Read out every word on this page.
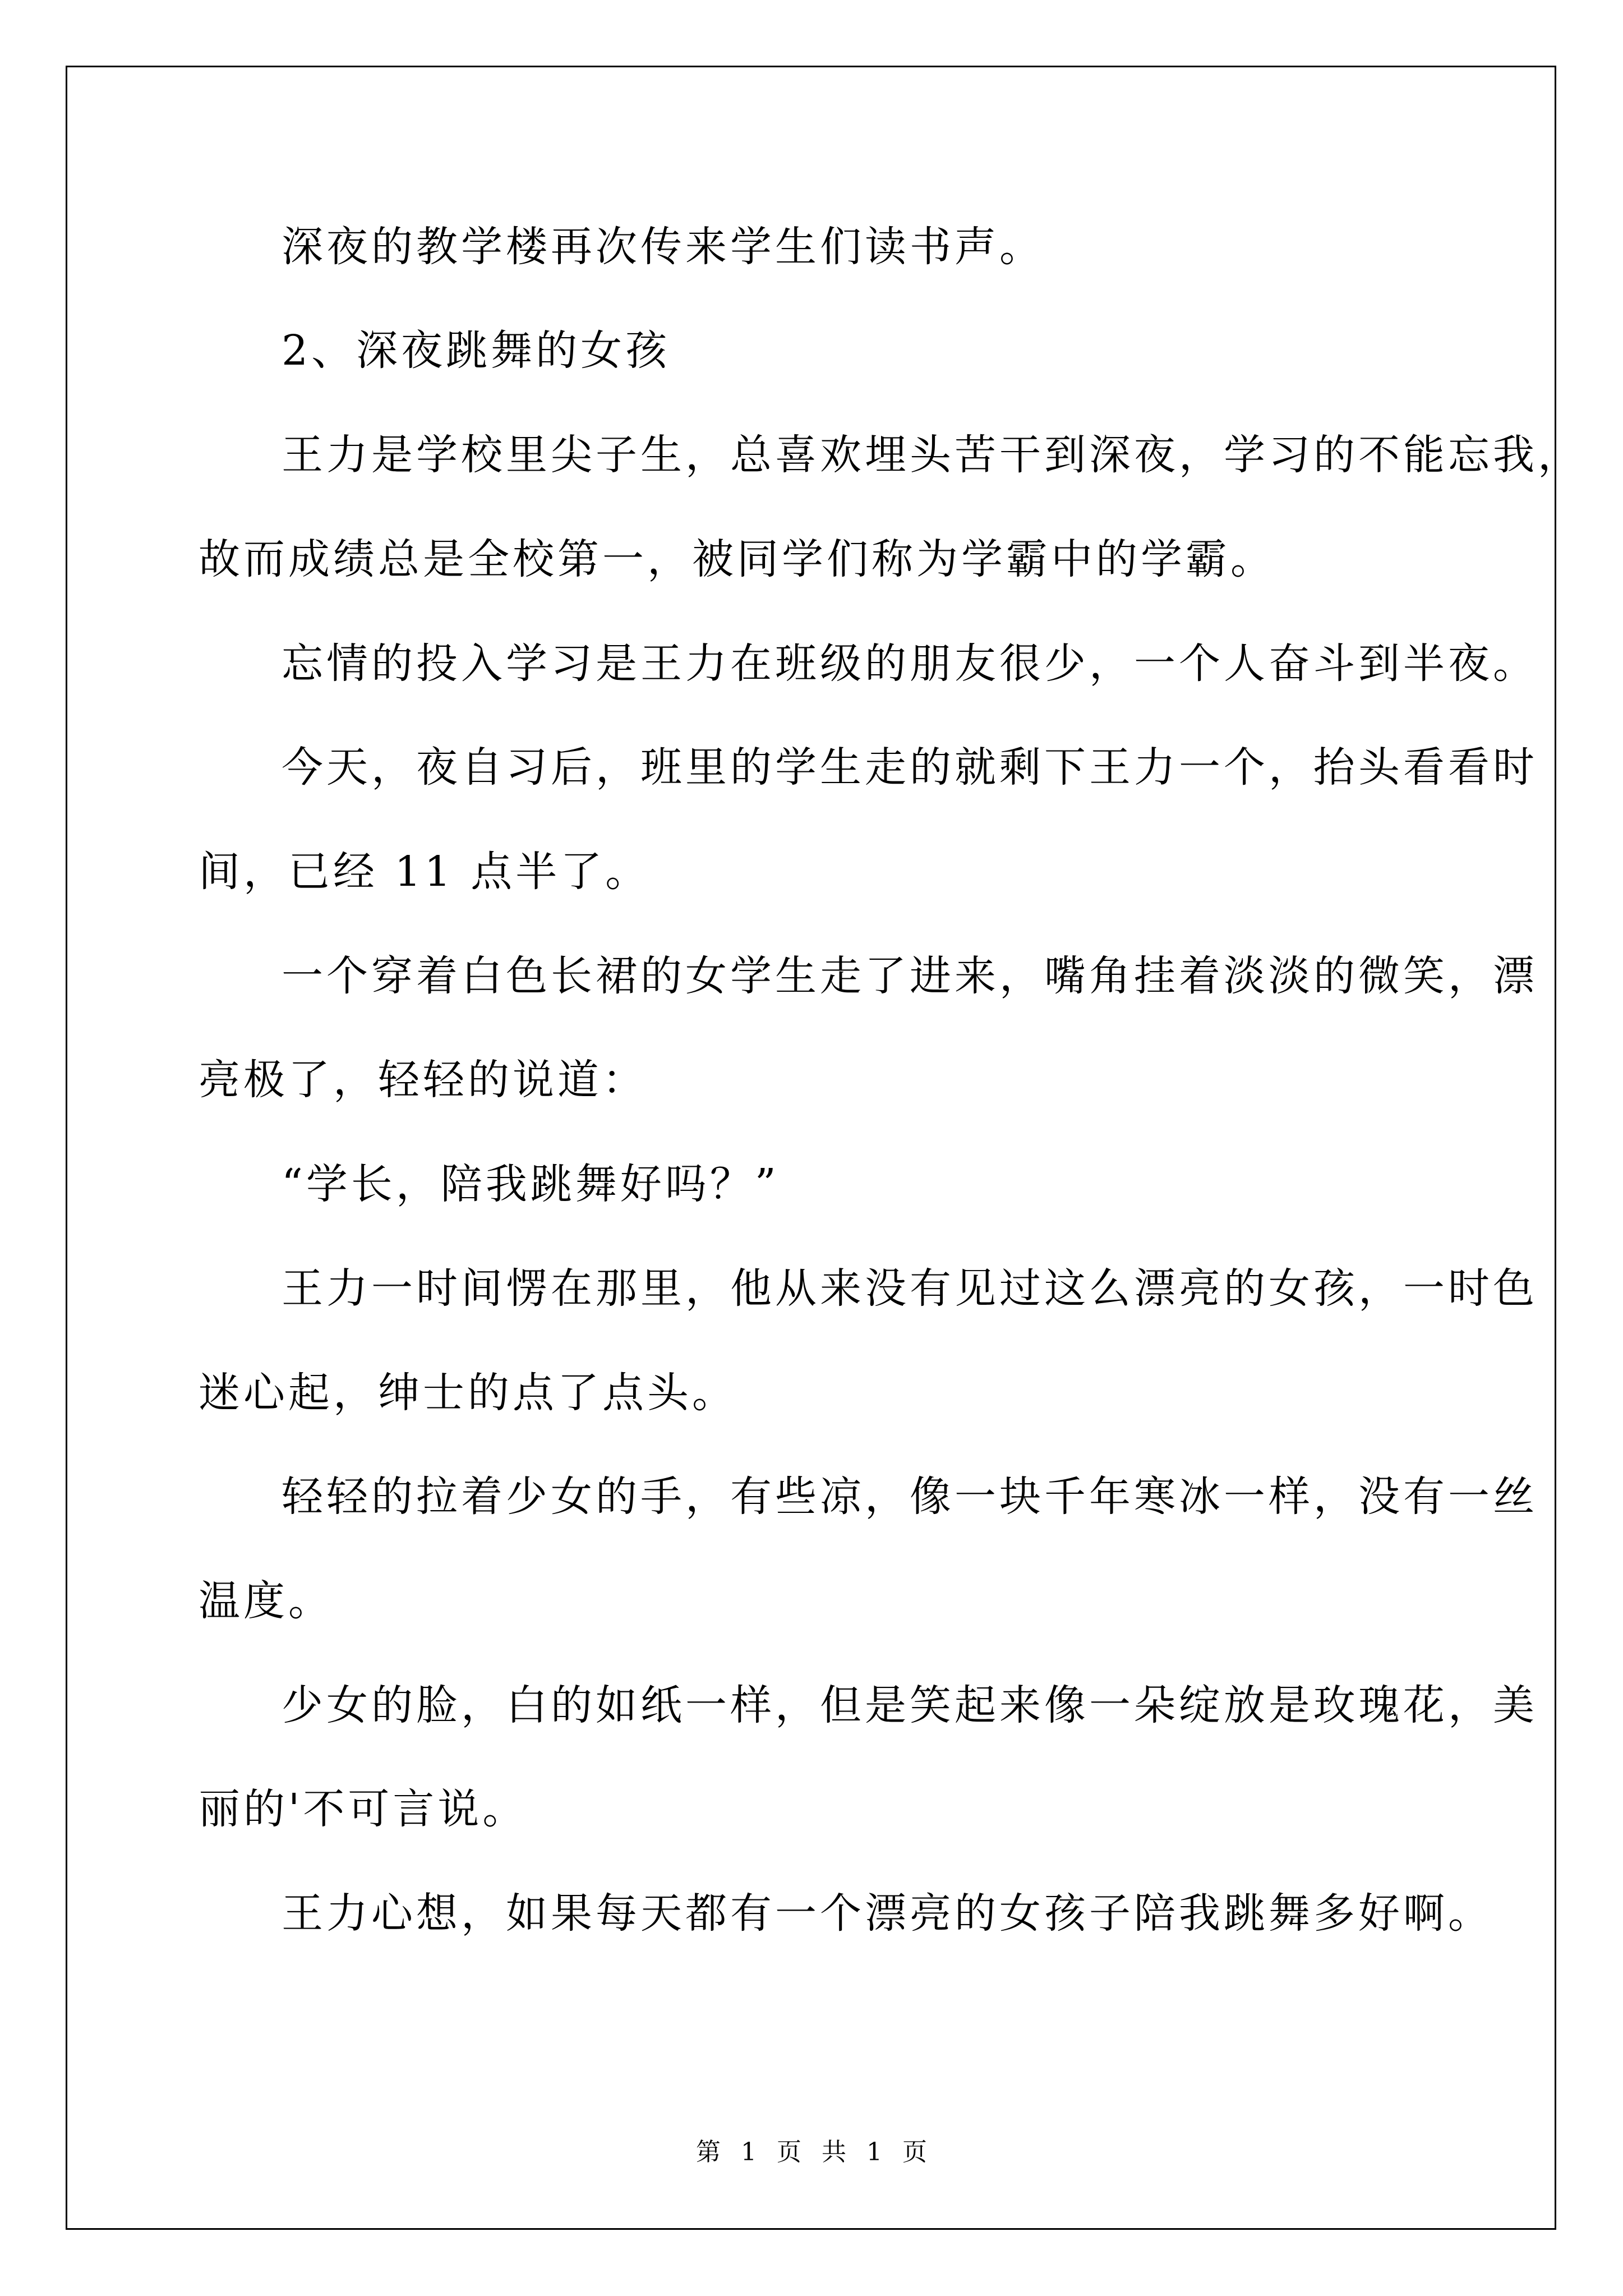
深夜的教学楼再次传来学生们读书声。
2、深夜跳舞的女孩
王力是学校里尖子生，总喜欢埋头苦干到深夜，学习的不能忘我，
故而成绩总是全校第一，被同学们称为学霸中的学霸。
忘情的投入学习是王力在班级的朋友很少，一个人奋斗到半夜。
今天，夜自习后，班里的学生走的就剩下王力一个，抬头看看时
间，已经 11 点半了。
一个穿着白色长裙的女学生走了进来，嘴角挂着淡淡的微笑，漂
亮极了，轻轻的说道：
“学长，陪我跳舞好吗？”
王力一时间愣在那里，他从来没有见过这么漂亮的女孩，一时色
迷心起，绅士的点了点头。
轻轻的拉着少女的手，有些凉，像一块千年寒冰一样，没有一丝
温度。
少女的脸，白的如纸一样，但是笑起来像一朵绽放是玫瑰花，美
丽的'不可言说。
王力心想，如果每天都有一个漂亮的女孩子陪我跳舞多好啊。
第 1 页 共 1 页
